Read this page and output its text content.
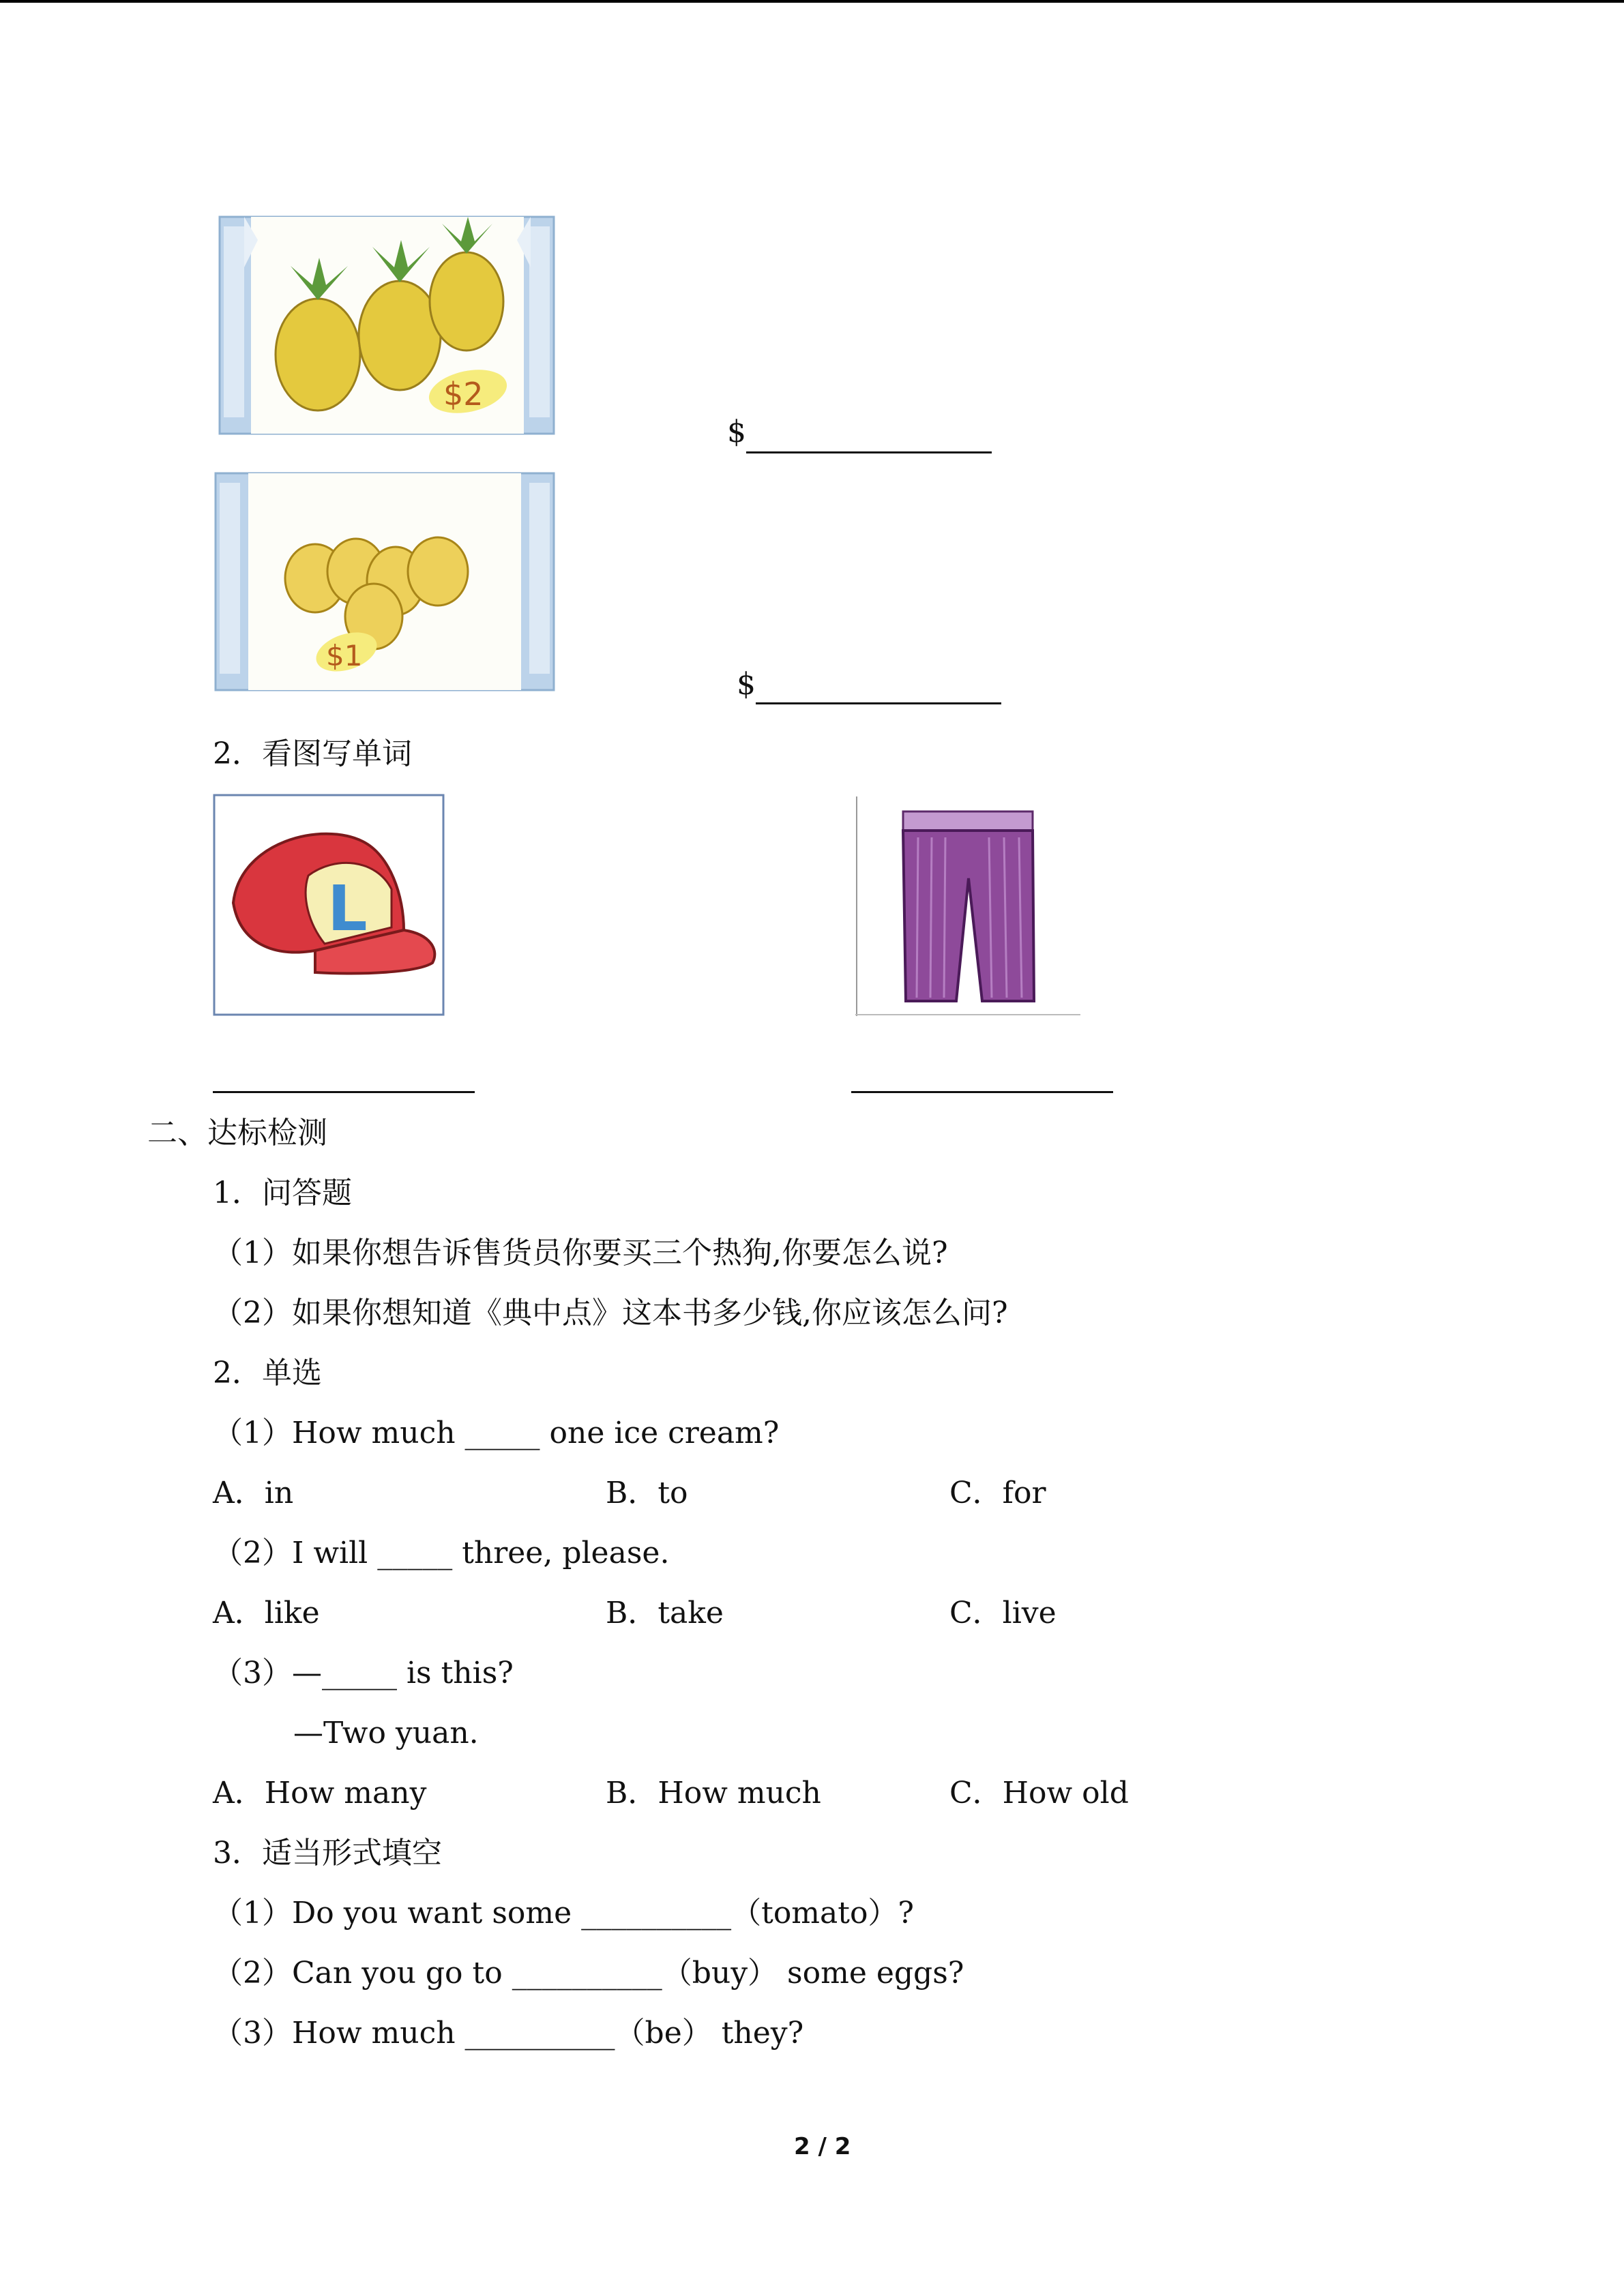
$2
$
$1
$
2．看图写单词
L
二、达标检测
1．问答题
（1）如果你想告诉售货员你要买三个热狗,你要怎么说?
（2）如果你想知道《典中点》这本书多少钱,你应该怎么问?
2．单选
（1）How much _____ one ice cream?
A．in	B．to	C．for
（2）I will _____ three, please.
A．like	B．take	C．live
（3）—_____ is this?
—Two yuan.
A．How many	B．How much	C．How old
3．适当形式填空
（1）Do you want some __________（tomato）?
（2）Can you go to __________（buy） some eggs?
（3）How much __________（be） they?
2 / 2
